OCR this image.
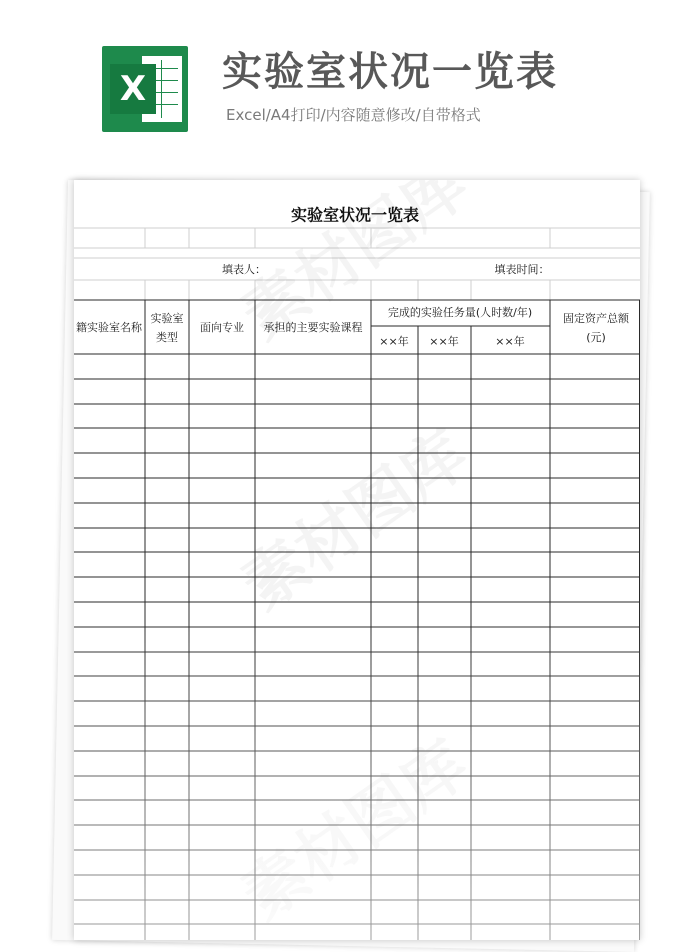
X 实验室状况一览表
Excel/A4打印/内容随意修改/自带格式
实验室状况一览表
填表人：	填表时间：
籍实验室名称
实验室
类型
面向专业 承担的主要实验课程
完成的实验任务量(人时数/年)
××年 ××年	××年
固定资产总额
(元)
